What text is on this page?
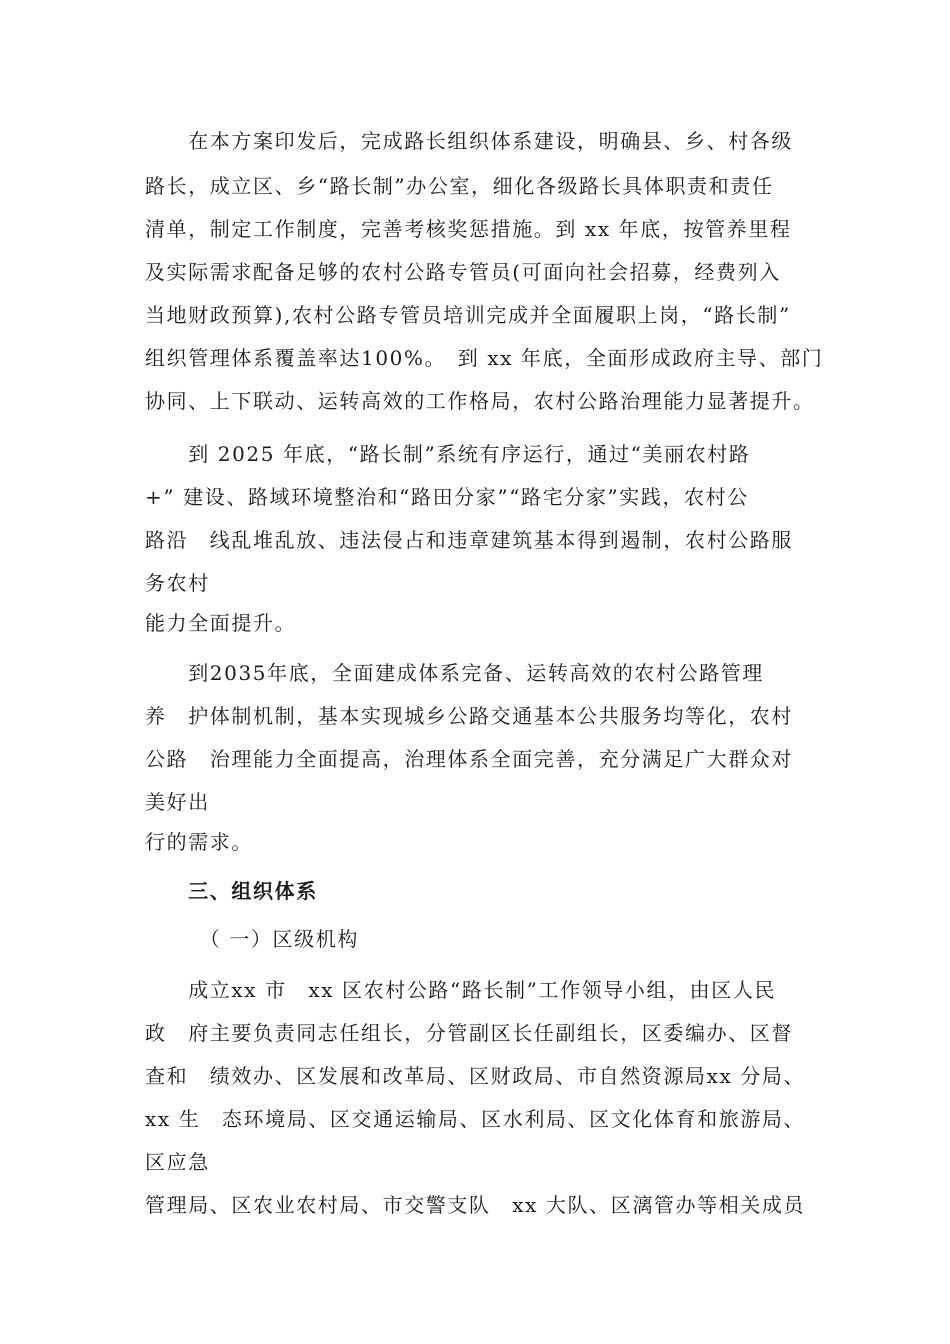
　　在本方案印发后，完成路长组织体系建设，明确县、乡、村各级
路长，成立区、乡“路长制”办公室，细化各级路长具体职责和责任
清单，制定工作制度，完善考核奖惩措施。到 xx 年底，按管养里程
及实际需求配备足够的农村公路专管员(可面向社会招募，经费列入
当地财政预算),农村公路专管员培训完成并全面履职上岗，“路长制”
组织管理体系覆盖率达100%。　到 xx 年底，全面形成政府主导、部门
协同、上下联动、运转高效的工作格局，农村公路治理能力显著提升。
　　到 2025 年底，“路长制”系统有序运行，通过“美丽农村路
+” 建设、路域环境整治和“路田分家”“路宅分家”实践，农村公
路沿　线乱堆乱放、违法侵占和违章建筑基本得到遏制，农村公路服
务农村
能力全面提升。
　　到2035年底，全面建成体系完备、运转高效的农村公路管理
养　护体制机制，基本实现城乡公路交通基本公共服务均等化，农村
公路　治理能力全面提高，治理体系全面完善，充分满足广大群众对
美好出
行的需求。
　　三、组织体系
　　　（ 一）区级机构
　　成立xx 市　xx 区农村公路“路长制”工作领导小组，由区人民
政　府主要负责同志任组长，分管副区长任副组长，区委编办、区督
查和　绩效办、区发展和改革局、区财政局、市自然资源局xx 分局、
xx 生　态环境局、区交通运输局、区水利局、区文化体育和旅游局、
区应急
管理局、区农业农村局、市交警支队　xx 大队、区漓管办等相关成员
